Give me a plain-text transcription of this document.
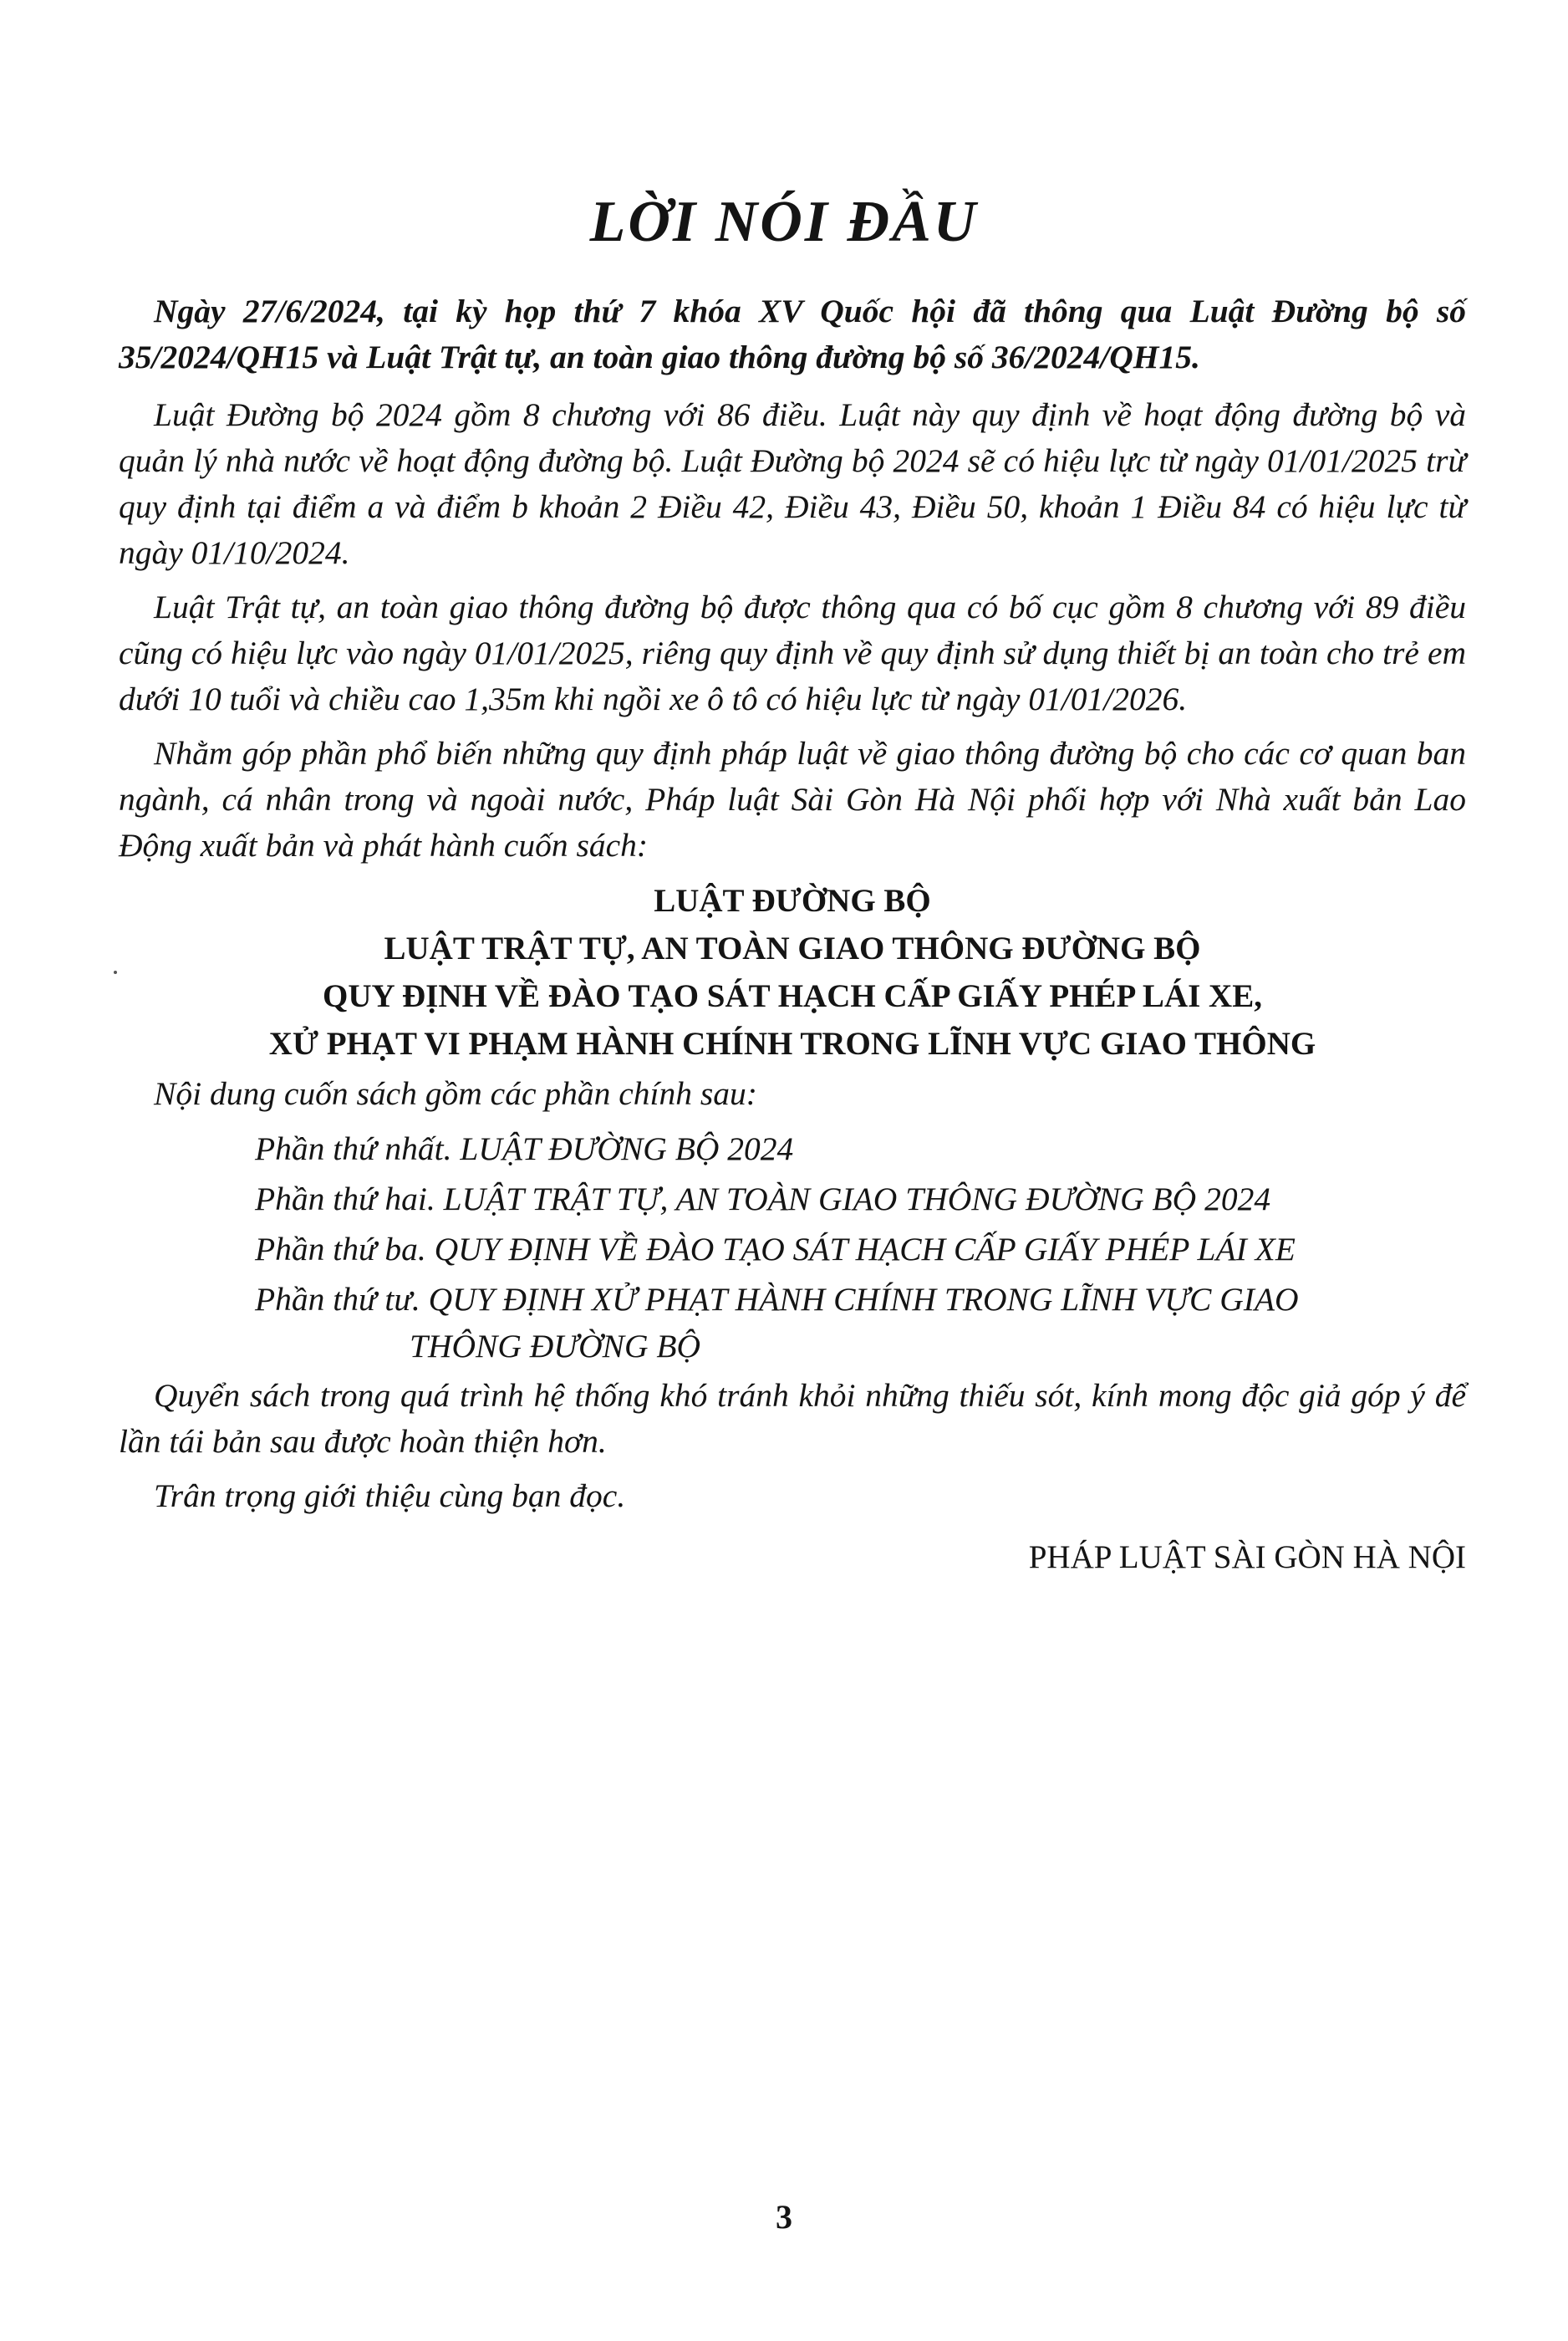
LỜI NÓI ĐẦU

Ngày 27/6/2024, tại kỳ họp thứ 7 khóa XV Quốc hội đã thông qua Luật Đường bộ số 35/2024/QH15 và Luật Trật tự, an toàn giao thông đường bộ số 36/2024/QH15.

Luật Đường bộ 2024 gồm 8 chương với 86 điều. Luật này quy định về hoạt động đường bộ và quản lý nhà nước về hoạt động đường bộ. Luật Đường bộ 2024 sẽ có hiệu lực từ ngày 01/01/2025 trừ quy định tại điểm a và điểm b khoản 2 Điều 42, Điều 43, Điều 50, khoản 1 Điều 84 có hiệu lực từ ngày 01/10/2024.

Luật Trật tự, an toàn giao thông đường bộ được thông qua có bố cục gồm 8 chương với 89 điều cũng có hiệu lực vào ngày 01/01/2025, riêng quy định về quy định sử dụng thiết bị an toàn cho trẻ em dưới 10 tuổi và chiều cao 1,35m khi ngồi xe ô tô có hiệu lực từ ngày 01/01/2026.

Nhằm góp phần phổ biến những quy định pháp luật về giao thông đường bộ cho các cơ quan ban ngành, cá nhân trong và ngoài nước, Pháp luật Sài Gòn Hà Nội phối hợp với Nhà xuất bản Lao Động xuất bản và phát hành cuốn sách:

LUẬT ĐƯỜNG BỘ
LUẬT TRẬT TỰ, AN TOÀN GIAO THÔNG ĐƯỜNG BỘ
QUY ĐỊNH VỀ ĐÀO TẠO SÁT HẠCH CẤP GIẤY PHÉP LÁI XE,
XỬ PHẠT VI PHẠM HÀNH CHÍNH TRONG LĨNH VỰC GIAO THÔNG

Nội dung cuốn sách gồm các phần chính sau:

Phần thứ nhất. LUẬT ĐƯỜNG BỘ 2024
Phần thứ hai. LUẬT TRẬT TỰ, AN TOÀN GIAO THÔNG ĐƯỜNG BỘ 2024
Phần thứ ba. QUY ĐỊNH VỀ ĐÀO TẠO SÁT HẠCH CẤP GIẤY PHÉP LÁI XE
Phần thứ tư. QUY ĐỊNH XỬ PHẠT HÀNH CHÍNH TRONG LĨNH VỰC GIAO
THÔNG ĐƯỜNG BỘ

Quyển sách trong quá trình hệ thống khó tránh khỏi những thiếu sót, kính mong độc giả góp ý để lần tái bản sau được hoàn thiện hơn.

Trân trọng giới thiệu cùng bạn đọc.

PHÁP LUẬT SÀI GÒN HÀ NỘI
3
